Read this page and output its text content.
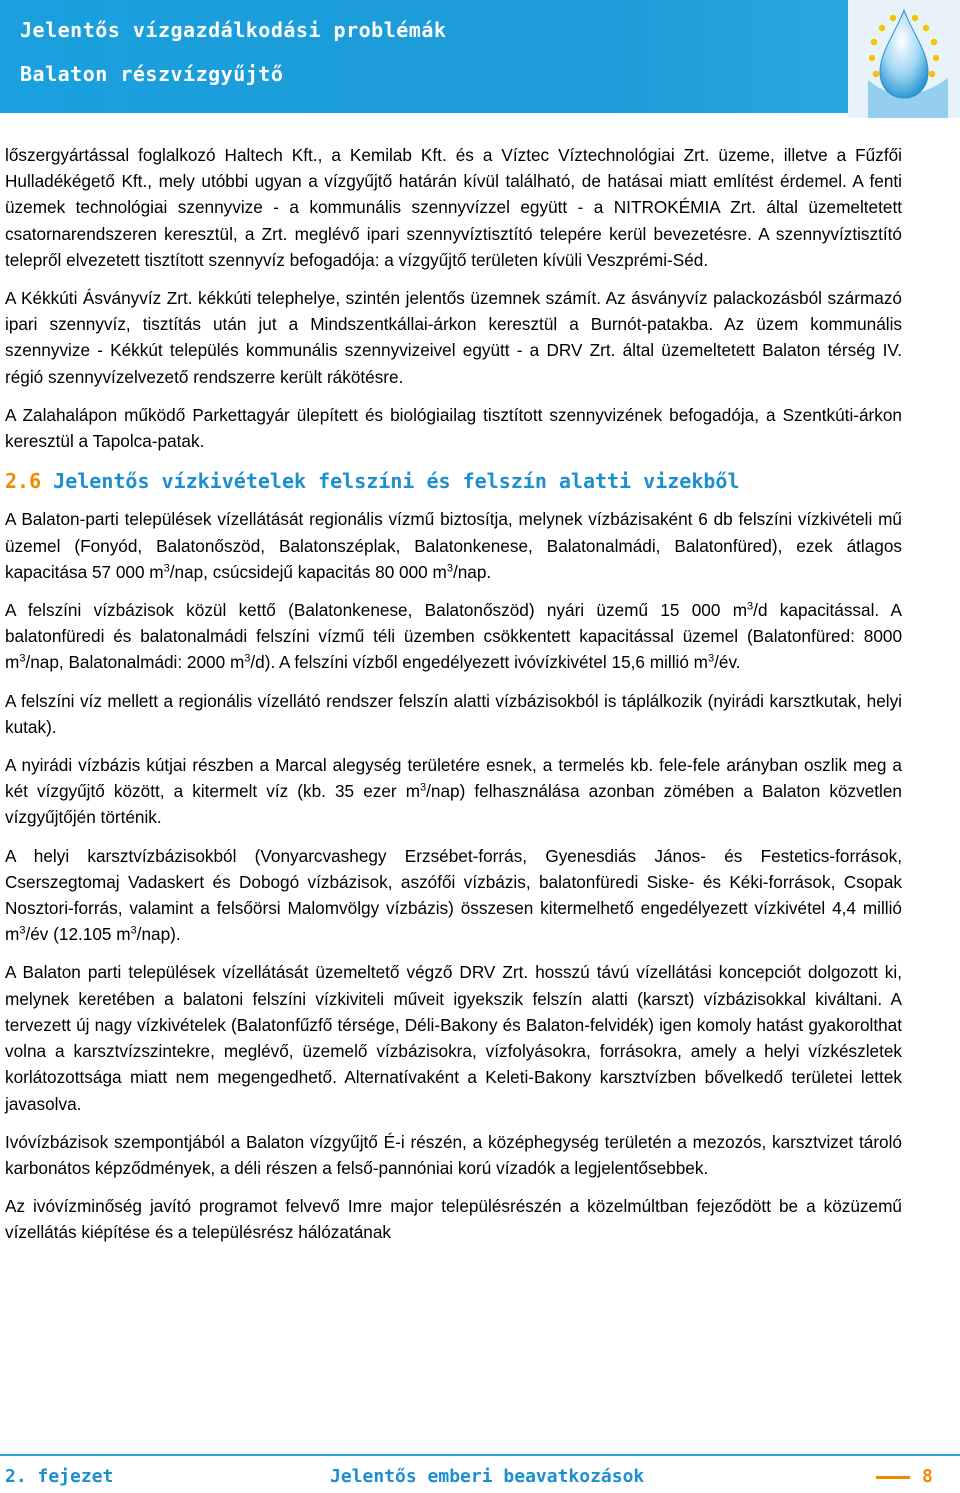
Jelentős vízgazdálkodási problémák
Balaton részvízgyűjtő

lőszergyártással foglalkozó Haltech Kft., a Kemilab Kft. és a Víztec Víztechnológiai Zrt. üzeme, illetve a Fűzfői Hulladékégető Kft., mely utóbbi ugyan a vízgyűjtő határán kívül található, de hatásai miatt említést érdemel. A fenti üzemek technológiai szennyvize - a kommunális szennyvízzel együtt - a NITROKÉMIA Zrt. által üzemeltetett csatornarendszeren keresztül, a Zrt. meglévő ipari szennyvíztisztító telepére kerül bevezetésre. A szennyvíztisztító telepről elvezetett tisztított szennyvíz befogadója: a vízgyűjtő területen kívüli Veszprémi-Séd.

A Kékkúti Ásványvíz Zrt. kékkúti telephelye, szintén jelentős üzemnek számít. Az ásványvíz palackozásból származó ipari szennyvíz, tisztítás után jut a Mindszentkállai-árkon keresztül a Burnót-patakba. Az üzem kommunális szennyvize - Kékkút település kommunális szennyvizeivel együtt - a DRV Zrt. által üzemeltetett Balaton térség IV. régió szennyvízelvezető rendszerre került rákötésre.

A Zalahalápon működő Parkettagyár ülepített és biológiailag tisztított szennyvizének befogadója, a Szentkúti-árkon keresztül a Tapolca-patak.

2.6 Jelentős vízkivételek felszíni és felszín alatti vizekből

A Balaton-parti települések vízellátását regionális vízmű biztosítja, melynek vízbázisaként 6 db felszíni vízkivételi mű üzemel (Fonyód, Balatonőszöd, Balatonszéplak, Balatonkenese, Balatonalmádi, Balatonfüred), ezek átlagos kapacitása 57 000 $m^3$/nap, csúcsidejű kapacitás 80 000 $m^3$/nap.

A felszíni vízbázisok közül kettő (Balatonkenese, Balatonőszöd) nyári üzemű 15 000 $m^3/d$ kapacitással. A balatonfüredi és balatonalmádi felszíni vízmű téli üzemben csökkentett kapacitással üzemel (Balatonfüred: 8000 $m^3$/nap, Balatonalmádi: 2000 $m^3/d$). A felszíni vízből engedélyezett ivóvízkivétel 15,6 millió $m^3/év$.

A felszíni víz mellett a regionális vízellátó rendszer felszín alatti vízbázisokból is táplálkozik (nyirádi karsztkutak, helyi kutak).

A nyirádi vízbázis kútjai részben a Marcal alegység területére esnek, a termelés kb. fele-fele arányban oszlik meg a két vízgyűjtő között, a kitermelt víz (kb. 35 ezer $m^3/nap$) felhasználása azonban zömében a Balaton közvetlen vízgyűjtőjén történik.

A helyi karsztvízbázisokból (Vonyarcvashegy Erzsébet-forrás, Gyenesdiás János- és Festetics-források, Cserszegtomaj Vadaskert és Dobogó vízbázisok, aszófői vízbázis, balatonfüredi Siske- és Kéki-források, Csopak Nosztori-forrás, valamint a felsőörsi Malomvölgy vízbázis) összesen kitermelhető engedélyezett vízkivétel 4,4 millió $m^3/év$ (12.105 $m^3/nap$).

A Balaton parti települések vízellátását üzemeltető végző DRV Zrt. hosszú távú vízellátási koncepciót dolgozott ki, melynek keretében a balatoni felszíni vízkiviteli műveit igyekszik felszín alatti (karszt) vízbázisokkal kiváltani. A tervezett új nagy vízkivételek (Balatonfűzfő térsége, Déli-Bakony és Balaton-felvidék) igen komoly hatást gyakorolthat volna a karsztvízszintekre, meglévő, üzemelő vízbázisokra, vízfolyásokra, forrásokra, amely a helyi vízkészletek korlátozottsága miatt nem megengedhető. Alternatívaként a Keleti-Bakony karsztvízben bővelkedő területei lettek javasolva.

Ivóvízbázisok szempontjából a Balaton vízgyűjtő É-i részén, a középhegység területén a mezozós, karsztvizet tároló karbonátos képződmények, a déli részen a felső-pannóniai korú vízadók a legjelentősebbek.

Az ivóvízminőség javító programot felvevő Imre major településrészén a közelmúltban fejeződött be a közüzemű vízellátás kiépítése és a településrész hálózatának

2. fejezet	Jelentős emberi beavatkozások	8
